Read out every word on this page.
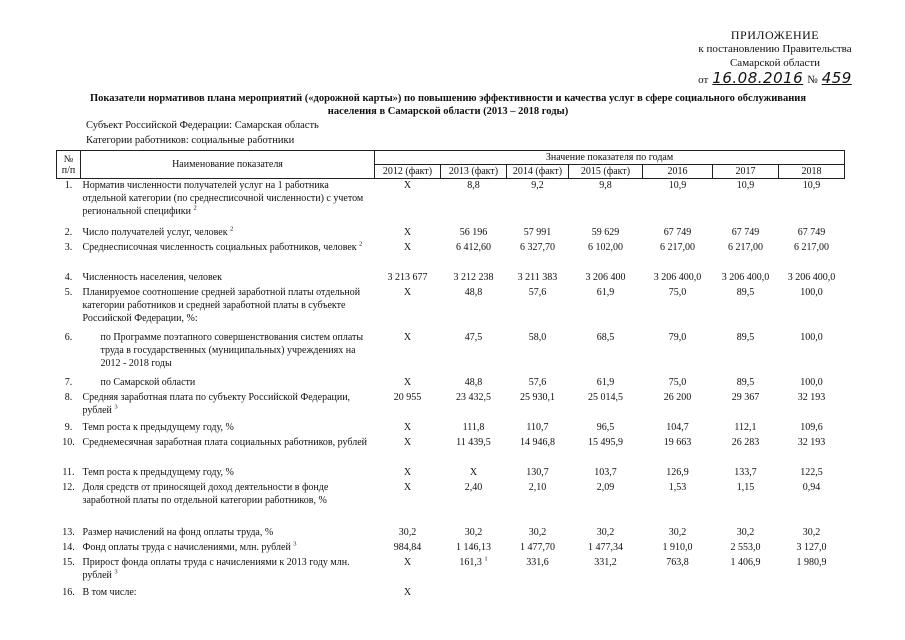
ПРИЛОЖЕНИЕ
к постановлению Правительства
Самарской области
от 16.08.2016 № 459
Показатели нормативов плана мероприятий («дорожной карты») по повышению эффективности и качества услуг в сфере социального обслуживания
населения в Самарской области (2013 – 2018 годы)
Субъект Российской Федерации: Самарская область
Категории работников: социальные работники
№
п/п	Наименование показателя	Значение показателя по годам						
		2012 (факт)	2013 (факт)	2014 (факт)	2015 (факт)	2016	2017	2018
1.	Норматив численности получателей услуг на 1 работника отдельной категории (по среднесписочной численности) с учетом региональной специфики $^2$	X	8,8	9,2	9,8	10,9	10,9	10,9
2.	Число получателей услуг, человек $^2$	X	56 196	57 991	59 629	67 749	67 749	67 749
3.	Среднесписочная численность социальных работников, человек $^2$	X	6 412,60	6 327,70	6 102,00	6 217,00	6 217,00	6 217,00
4.	Численность населения, человек	3 213 677	3 212 238	3 211 383	3 206 400	3 206 400,0	3 206 400,0	3 206 400,0
5.	Планируемое соотношение средней заработной платы отдельной категории работников и средней заработной платы в субъекте Российской Федерации, %:	X	48,8	57,6	61,9	75,0	89,5	100,0
6.	по Программе поэтапного совершенствования систем оплаты труда в государственных (муниципальных) учреждениях на 2012 - 2018 годы	X	47,5	58,0	68,5	79,0	89,5	100,0
7.	по Самарской области	X	48,8	57,6	61,9	75,0	89,5	100,0
8.	Средняя заработная плата по субъекту Российской Федерации, рублей $^3$	20 955	23 432,5	25 930,1	25 014,5	26 200	29 367	32 193
9.	Темп роста к предыдущему году, %	X	111,8	110,7	96,5	104,7	112,1	109,6
10.	Среднемесячная заработная плата социальных работников, рублей	X	11 439,5	14 946,8	15 495,9	19 663	26 283	32 193
11.	Темп роста к предыдущему году, %	X	X	130,7	103,7	126,9	133,7	122,5
12.	Доля средств от приносящей доход деятельности в фонде заработной платы по отдельной категории работников, %	X	2,40	2,10	2,09	1,53	1,15	0,94
13.	Размер начислений на фонд оплаты труда, %	30,2	30,2	30,2	30,2	30,2	30,2	30,2
14.	Фонд оплаты труда с начислениями, млн. рублей $^3$	984,84	1 146,13	1 477,70	1 477,34	1 910,0	2 553,0	3 127,0
15.	Прирост фонда оплаты труда с начислениями к 2013 году млн. рублей $^3$	X	161,3 $^1$	331,6	331,2	763,8	1 406,9	1 980,9
16.	В том числе:	X						
